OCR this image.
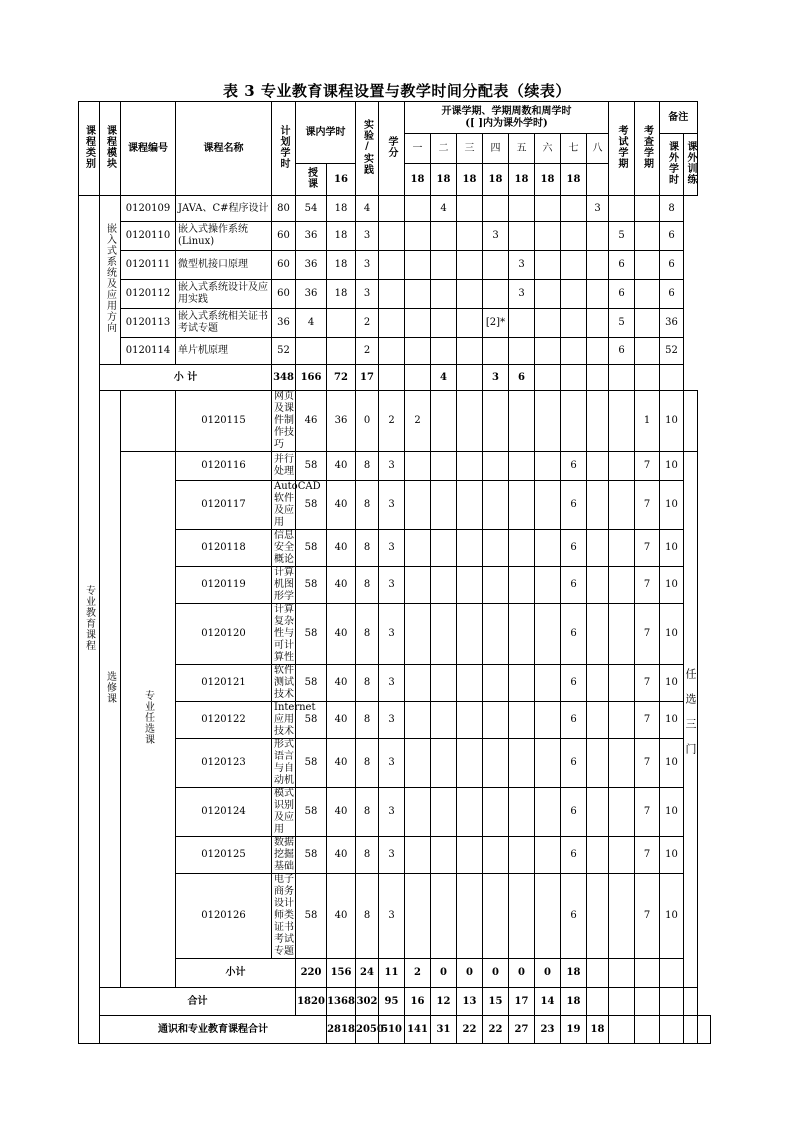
表 3 专业教育课程设置与教学时间分配表（续表）
课程类别	课程模块	课程编号	课程名称	计划学时	课内学时		实验/实践	学分	开课学期、学期周数和周学时
([ ]内为课外学时)								考试学期	考查学期	备注		
									一	二	三	四	五	六	七	八			课外学时	课外训练	
					授课	16			18	18	18	18	18	18	18						
专业教育课程	嵌入式系统及应用方向	0120109	JAVA、C#程序设计	80	54	18	4			4						3			8		
		0120110	嵌入式操作系统(Linux)	60	36	18	3					3					5		6		
		0120111	微型机接口原理	60	36	18	3						3				6		6		
		0120112	嵌入式系统设计及应用实践	60	36	18	3						3				6		6		
		0120113	嵌入式系统相关证书考试专题	36	4		2					[2]*					5		36		
		0120114	单片机原理	52			2										6		52		
	小 计			348	166	72	17			4		3	6								
	选修课		0120115	网页及课件制作技巧	46	36	0	2	2									1	10		
		专业任选课	0120116	并行处理	58	40	8	3							6			7	10	任选三门	
			0120117	AutoCAD 软件及应用	58	40	8	3							6			7	10		
			0120118	信息安全概论	58	40	8	3							6			7	10		
			0120119	计算机图形学	58	40	8	3							6			7	10		
			0120120	计算复杂性与可计算性	58	40	8	3							6			7	10		
			0120121	软件测试技术	58	40	8	3							6			7	10		
			0120122	Internet 应用技术	58	40	8	3							6			7	10		
			0120123	形式语言与自动机	58	40	8	3							6			7	10		
			0120124	模式识别及应用	58	40	8	3							6			7	10		
			0120125	数据挖掘基础	58	40	8	3							6			7	10		
			0120126	电子商务设计师类证书考试专题	58	40	8	3							6			7	10		
			小计		220	156	24	11	2	0	0	0	0	0	18						
	合计				1820	1368	302	95	16	12	13	15	17	14	18						
	通识和专业教育课程合计					2818	2050	510	141	31	22	22	27	23	19	18					
